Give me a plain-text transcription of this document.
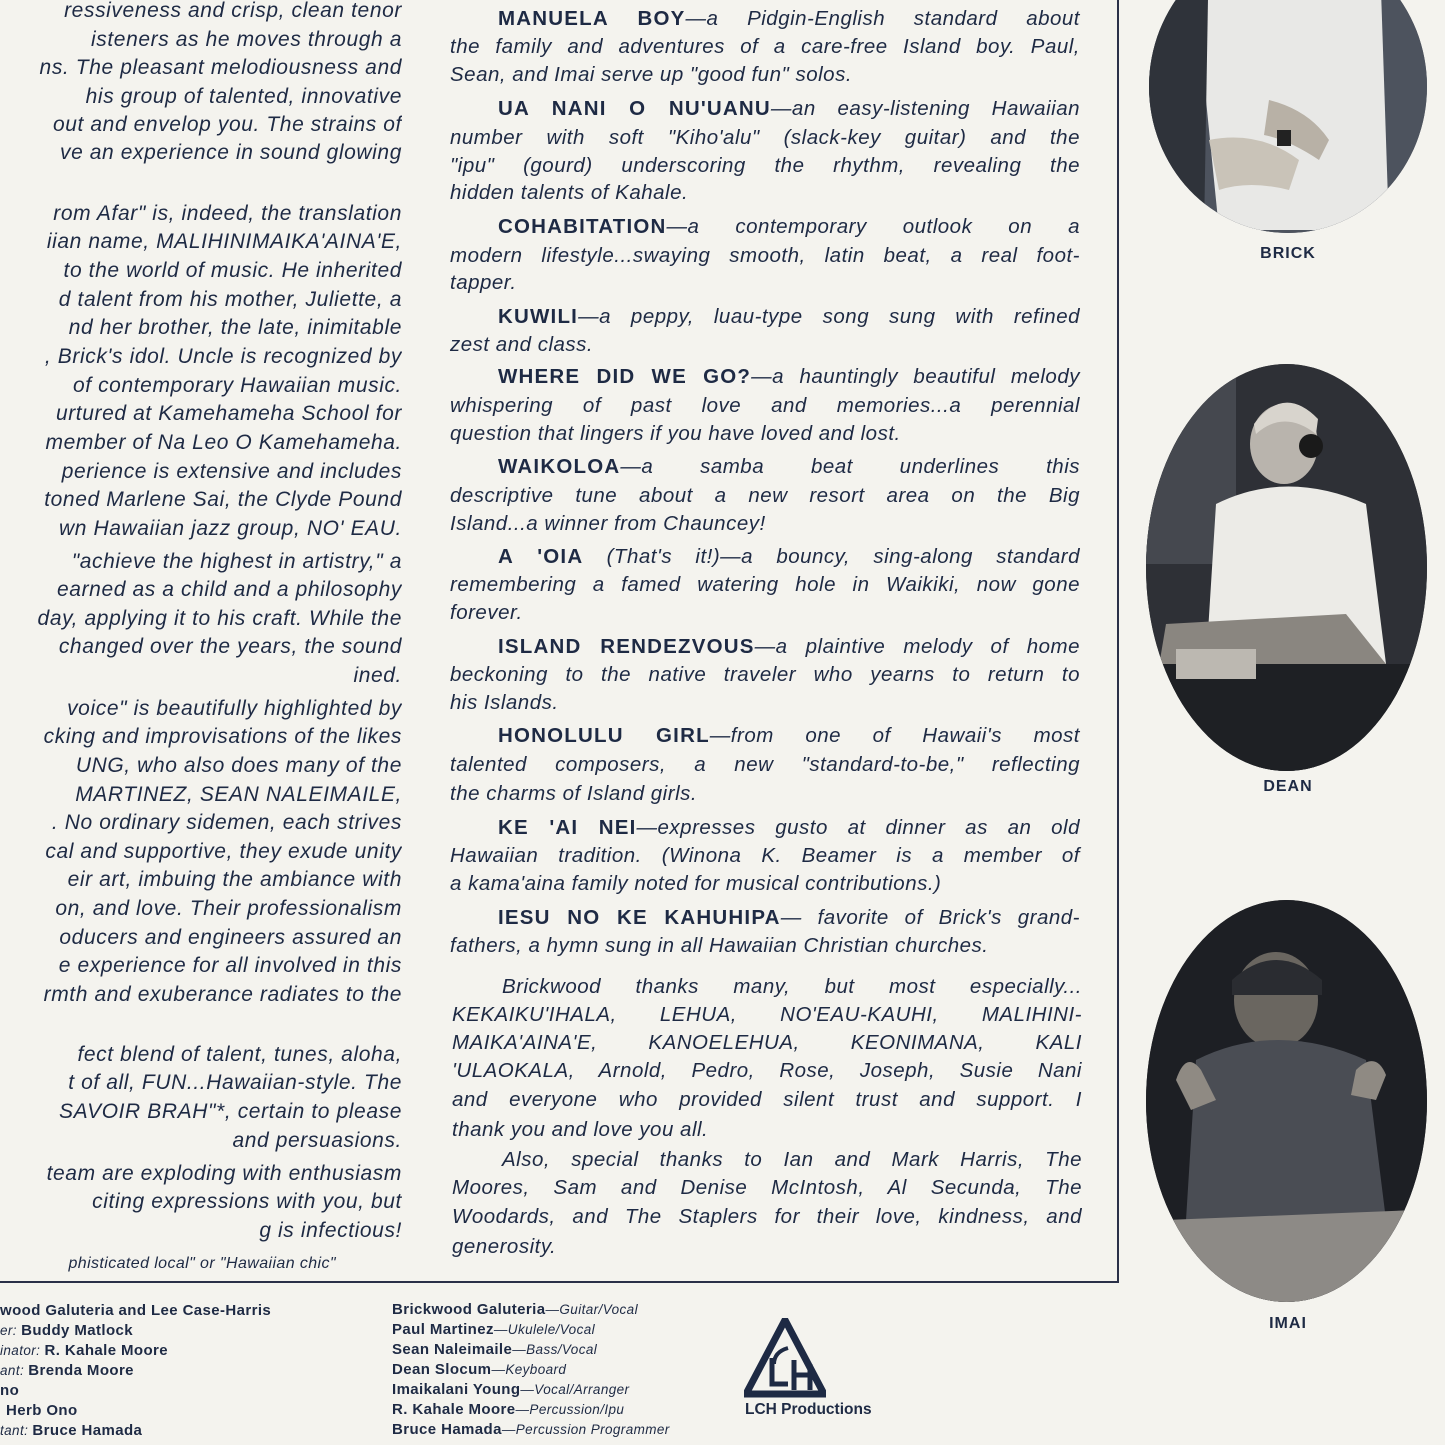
ressiveness and crisp, clean tenor
isteners as he moves through a
ns. The pleasant melodiousness and
his group of talented, innovative
out and envelop you. The strains of
ve an experience in sound glowing
rom Afar" is, indeed, the translation
iian name, MALIHINIMAIKA'AINA'E,
to the world of music. He inherited
d talent from his mother, Juliette, a
nd her brother, the late, inimitable
, Brick's idol. Uncle is recognized by
of contemporary Hawaiian music.
urtured at Kamehameha School for
member of Na Leo O Kamehameha.
perience is extensive and includes
toned Marlene Sai, the Clyde Pound
wn Hawaiian jazz group, NO' EAU.
"achieve the highest in artistry," a
earned as a child and a philosophy
day, applying it to his craft. While the
changed over the years, the sound
ined.
voice" is beautifully highlighted by
cking and improvisations of the likes
UNG, who also does many of the
MARTINEZ, SEAN NALEIMAILE,
. No ordinary sidemen, each strives
cal and supportive, they exude unity
eir art, imbuing the ambiance with
on, and love. Their professionalism
oducers and engineers assured an
e experience for all involved in this
rmth and exuberance radiates to the
fect blend of talent, tunes, aloha,
t of all, FUN...Hawaiian-style. The
SAVOIR BRAH"*, certain to please
and persuasions.
team are exploding with enthusiasm
citing expressions with you, but
g is infectious!
phisticated local" or "Hawaiian chic"
MANUELA BOY—a Pidgin-English standard about
the family and adventures of a care-free Island boy. Paul,
Sean, and Imai serve up "good fun" solos.
UA NANI O NU'UANU—an easy-listening Hawaiian
number with soft "Kiho'alu" (slack-key guitar) and the
"ipu" (gourd) underscoring the rhythm, revealing the
hidden talents of Kahale.
COHABITATION—a contemporary outlook on a
modern lifestyle...swaying smooth, latin beat, a real foot-
tapper.
KUWILI—a peppy, luau-type song sung with refined
zest and class.
WHERE DID WE GO?—a hauntingly beautiful melody
whispering of past love and memories...a perennial
question that lingers if you have loved and lost.
WAIKOLOA—a samba beat underlines this
descriptive tune about a new resort area on the Big
Island...a winner from Chauncey!
A 'OIA (That's it!)—a bouncy, sing-along standard
remembering a famed watering hole in Waikiki, now gone
forever.
ISLAND RENDEZVOUS—a plaintive melody of home
beckoning to the native traveler who yearns to return to
his Islands.
HONOLULU GIRL—from one of Hawaii's most
talented composers, a new "standard-to-be," reflecting
the charms of Island girls.
KE 'AI NEI—expresses gusto at dinner as an old
Hawaiian tradition. (Winona K. Beamer is a member of
a kama'aina family noted for musical contributions.)
IESU NO KE KAHUHIPA— favorite of Brick's grand-
fathers, a hymn sung in all Hawaiian Christian churches.
Brickwood thanks many, but most especially...
KEKAIKU'IHALA, LEHUA, NO'EAU-KAUHI, MALIHINI-
MAIKA'AINA'E, KANOELEHUA, KEONIMANA, KALI
'ULAOKALA, Arnold, Pedro, Rose, Joseph, Susie Nani
and everyone who provided silent trust and support. I
thank you and love you all.
Also, special thanks to Ian and Mark Harris, The
Moores, Sam and Denise McIntosh, Al Secunda, The
Woodards, and The Staplers for their love, kindness, and
generosity.
BRICK
DEAN
IMAI
wood Galuteria and Lee Case-Harris
er: Buddy Matlock
inator: R. Kahale Moore
ant: Brenda Moore
no
Herb Ono
tant: Bruce Hamada
Brickwood Galuteria—Guitar/Vocal
Paul Martinez—Ukulele/Vocal
Sean Naleimaile—Bass/Vocal
Dean Slocum—Keyboard
Imaikalani Young—Vocal/Arranger
R. Kahale Moore—Percussion/Ipu
Bruce Hamada—Percussion Programmer
LCH Productions
